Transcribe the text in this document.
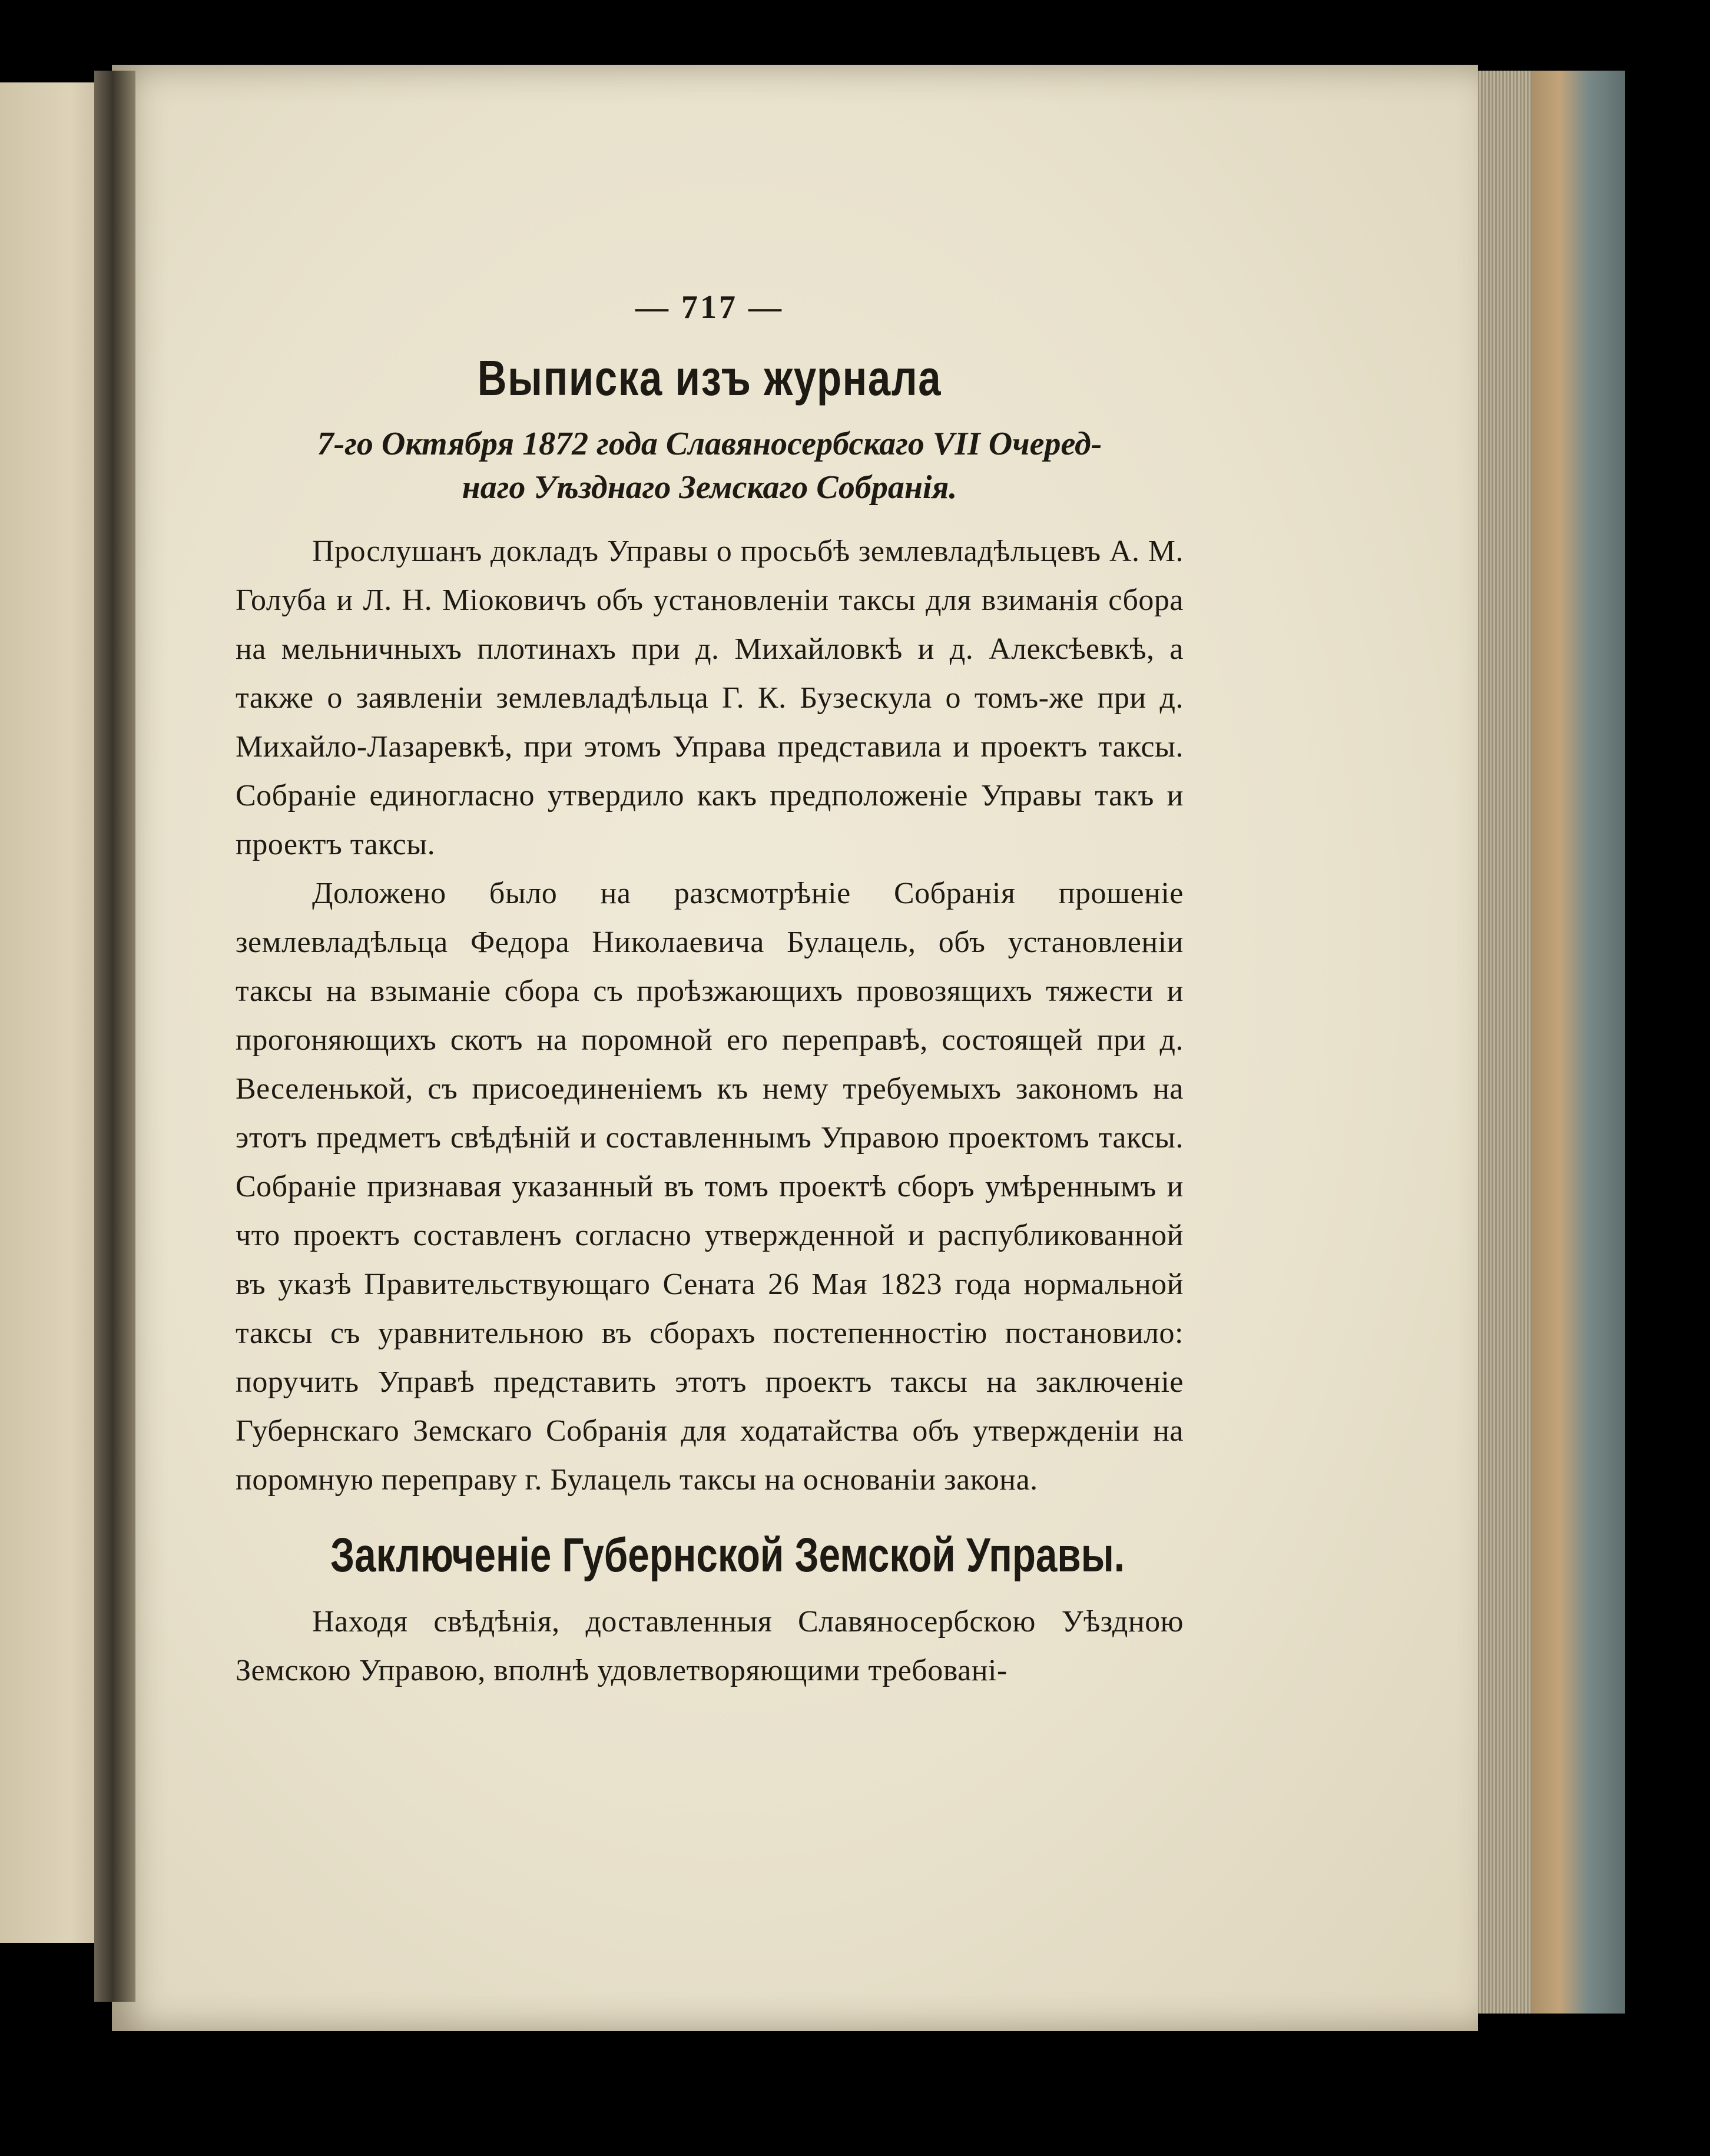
— 717 —
Выписка изъ журнала
7-го Октября 1872 года Славяносербскаго VII Очеред-
наго Уѣзднаго Земскаго Собранія.

Прослушанъ докладъ Управы о просьбѣ землевладѣльцевъ А. М. Голуба и Л. Н. Міоковичъ объ установленіи таксы для взиманія сбора на мельничныхъ плотинахъ при д. Михайловкѣ и д. Алексѣевкѣ, а также о заявленіи землевладѣльца Г. К. Бузескула о томъ-же при д. Михайло-Лазаревкѣ, при этомъ Управа представила и проектъ таксы. Собраніе единогласно утвердило какъ предположеніе Управы такъ и проектъ таксы.

Доложено было на разсмотрѣніе Собранія прошеніе землевладѣльца Федора Николаевича Булацель, объ установленіи таксы на взыманіе сбора съ проѣзжающихъ провозящихъ тяжести и прогоняющихъ скотъ на поромной его переправѣ, состоящей при д. Веселенькой, съ присоединеніемъ къ нему требуемыхъ закономъ на этотъ предметъ свѣдѣній и составленнымъ Управою проектомъ таксы. Собраніе признавая указанный въ томъ проектѣ сборъ умѣреннымъ и что проектъ составленъ согласно утвержденной и распубликованной въ указѣ Правительствующаго Сената 26 Мая 1823 года нормальной таксы съ уравнительною въ сборахъ постепенностію постановило: поручить Управѣ представить этотъ проектъ таксы на заключеніе Губернскаго Земскаго Собранія для ходатайства объ утвержденіи на поромную переправу г. Булацель таксы на основаніи закона.

Заключеніе Губернской Земской Управы.

Находя свѣдѣнія, доставленныя Славяносербскою Уѣздною Земскою Управою, вполнѣ удовлетворяющими требовані-
